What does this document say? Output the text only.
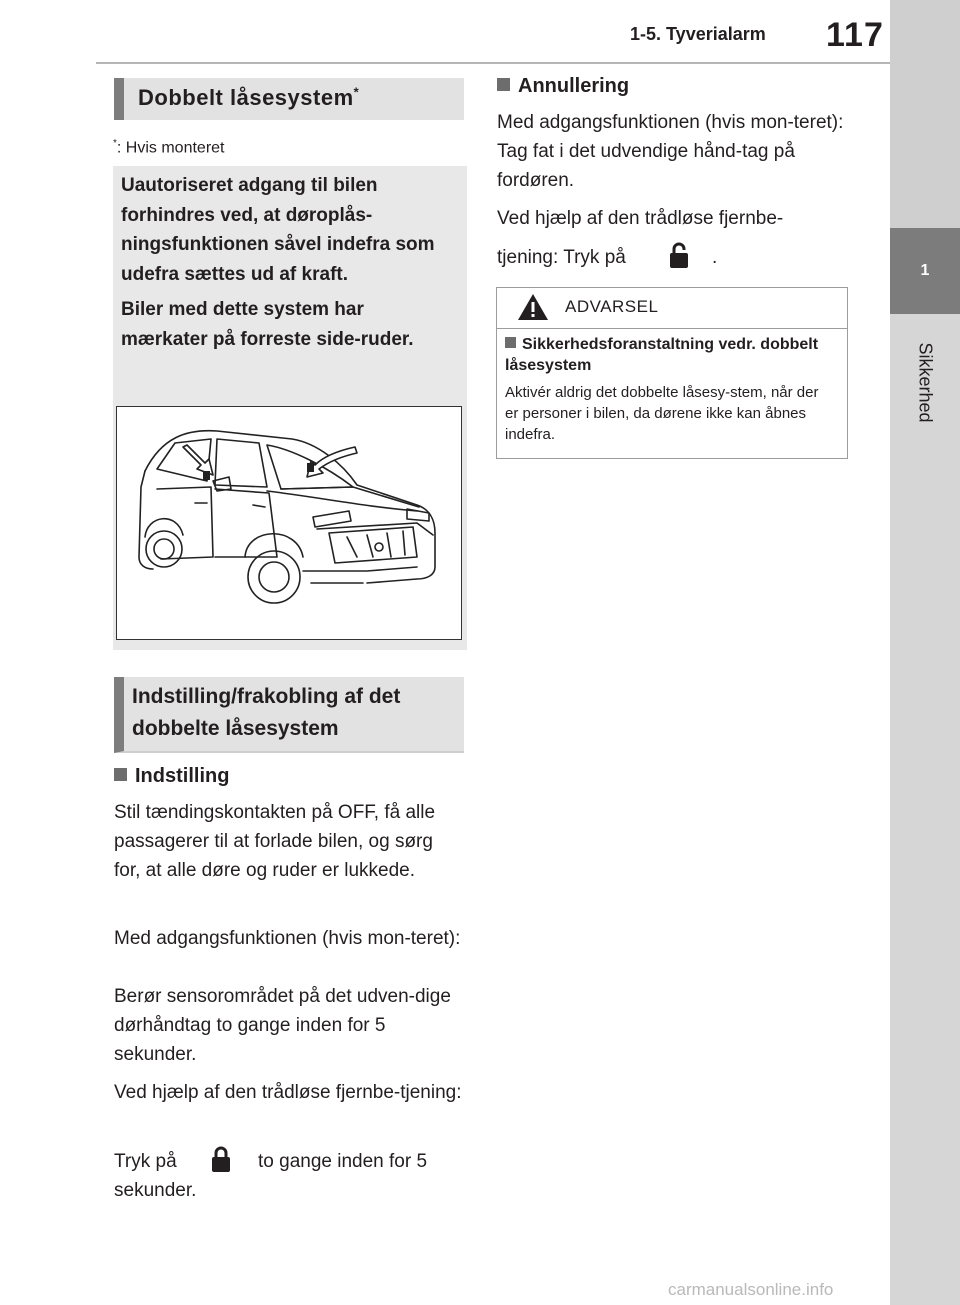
1-5. Tyverialarm 117
1
Sikkerhed
Dobbelt låsesystem*
*: Hvis monteret
Uautoriseret adgang til bilen forhindres ved, at døroplås-ningsfunktionen såvel indefra som udefra sættes ud af kraft.
Biler med dette system har mærkater på forreste side-ruder.
Indstilling/frakobling af det dobbelte låsesystem
Indstilling
Stil tændingskontakten på OFF, få alle passagerer til at forlade bilen, og sørg for, at alle døre og ruder er lukkede.
Med adgangsfunktionen (hvis mon-teret):
Berør sensorområdet på det udven-dige dørhåndtag to gange inden for 5 sekunder.
Ved hjælp af den trådløse fjernbe-tjening:
Tryk på	to gange inden for 5
sekunder.
Annullering
Med adgangsfunktionen (hvis mon-teret): Tag fat i det udvendige hånd-tag på fordøren.
Ved hjælp af den trådløse fjernbe-
tjening: Tryk på	.
ADVARSEL
Sikkerhedsforanstaltning vedr. dobbelt låsesystem
Aktivér aldrig det dobbelte låsesy-stem, når der er personer i bilen, da dørene ikke kan åbnes indefra.
carmanualsonline.info
